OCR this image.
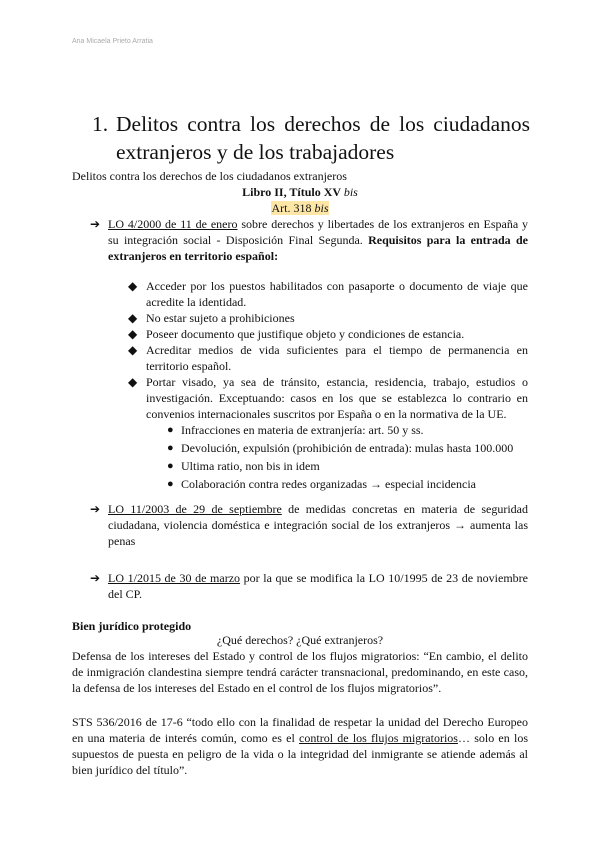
Ana Micaela Prieto Arratia
1. Delitos contra los derechos de los ciudadanos
extranjeros y de los trabajadores
Delitos contra los derechos de los ciudadanos extranjeros
Libro II, Título XV bis
Art. 318 bis
➔ LO 4/2000 de 11 de enero sobre derechos y libertades de los extranjeros en España y su integración social - Disposición Final Segunda. Requisitos para la entrada de extranjeros en territorio español:
◆ Acceder por los puestos habilitados con pasaporte o documento de viaje que acredite la identidad.
◆ No estar sujeto a prohibiciones
◆ Poseer documento que justifique objeto y condiciones de estancia.
◆ Acreditar medios de vida suficientes para el tiempo de permanencia en territorio español.
◆ Portar visado, ya sea de tránsito, estancia, residencia, trabajo, estudios o investigación. Exceptuando: casos en los que se establezca lo contrario en convenios internacionales suscritos por España o en la normativa de la UE.
● Infracciones en materia de extranjería: art. 50 y ss.
● Devolución, expulsión (prohibición de entrada): mulas hasta 100.000
● Ultima ratio, non bis in idem
● Colaboración contra redes organizadas → especial incidencia
➔ LO 11/2003 de 29 de septiembre de medidas concretas en materia de seguridad ciudadana, violencia doméstica e integración social de los extranjeros → aumenta las penas
➔ LO 1/2015 de 30 de marzo por la que se modifica la LO 10/1995 de 23 de noviembre del CP.
Bien jurídico protegido
¿Qué derechos? ¿Qué extranjeros?
Defensa de los intereses del Estado y control de los flujos migratorios: “En cambio, el delito de inmigración clandestina siempre tendrá carácter transnacional, predominando, en este caso, la defensa de los intereses del Estado en el control de los flujos migratorios”.
STS 536/2016 de 17-6 “todo ello con la finalidad de respetar la unidad del Derecho Europeo en una materia de interés común, como es el control de los flujos migratorios… solo en los supuestos de puesta en peligro de la vida o la integridad del inmigrante se atiende además al bien jurídico del título”.
